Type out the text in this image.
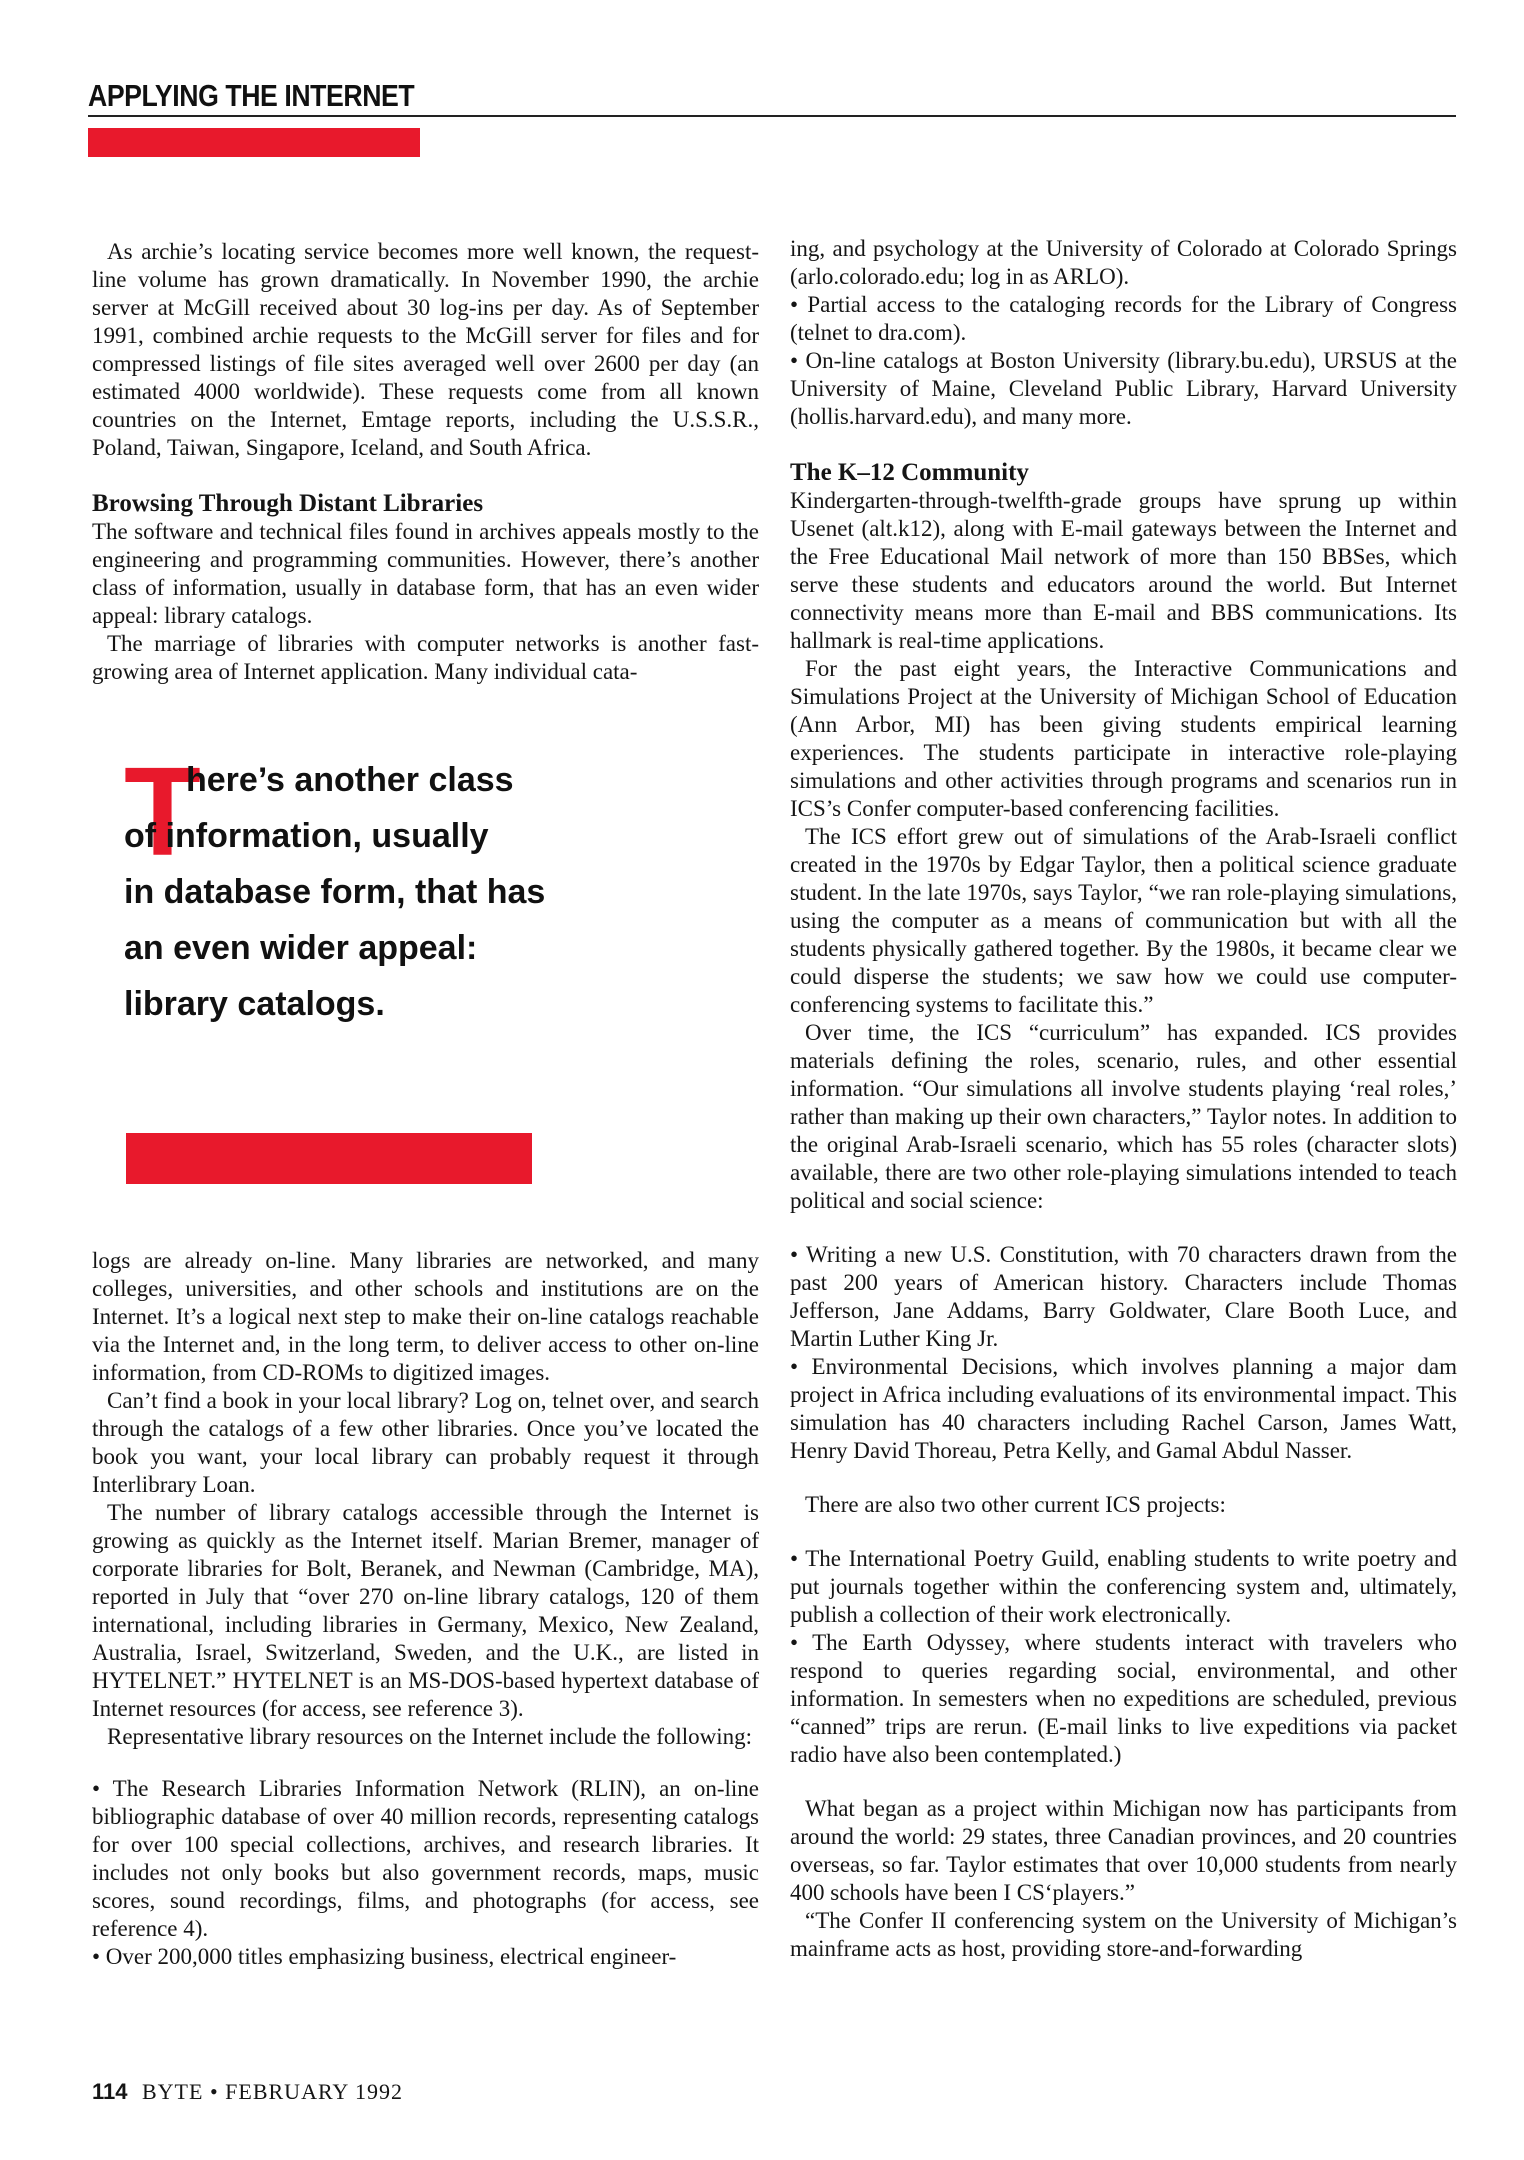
APPLYING THE INTERNET

As archie’s locating service becomes more well known, the request-line volume has grown dramatically. In November 1990, the archie server at McGill received about 30 log-ins per day. As of September 1991, combined archie requests to the McGill server for files and for compressed listings of file sites averaged well over 2600 per day (an estimated 4000 worldwide). These requests come from all known countries on the Internet, Emtage reports, including the U.S.S.R., Poland, Taiwan, Singapore, Iceland, and South Africa.

Browsing Through Distant Libraries

The software and technical files found in archives appeals mostly to the engineering and programming communities. However, there’s another class of information, usually in database form, that has an even wider appeal: library catalogs.

The marriage of libraries with computer networks is another fast-growing area of Internet application. Many individual cata-

T
here’s another class
of information, usually
in database form, that has
an even wider appeal:
library catalogs.

logs are already on-line. Many libraries are networked, and many colleges, universities, and other schools and institutions are on the Internet. It’s a logical next step to make their on-line catalogs reachable via the Internet and, in the long term, to deliver access to other on-line information, from CD-ROMs to digitized images.

Can’t find a book in your local library? Log on, telnet over, and search through the catalogs of a few other libraries. Once you’ve located the book you want, your local library can probably request it through Interlibrary Loan.

The number of library catalogs accessible through the Internet is growing as quickly as the Internet itself. Marian Bremer, manager of corporate libraries for Bolt, Beranek, and Newman (Cambridge, MA), reported in July that “over 270 on-line library catalogs, 120 of them international, including libraries in Germany, Mexico, New Zealand, Australia, Israel, Switzerland, Sweden, and the U.K., are listed in HYTELNET.” HYTELNET is an MS-DOS-based hypertext database of Internet resources (for access, see reference 3).

Representative library resources on the Internet include the following:

• The Research Libraries Information Network (RLIN), an on-line bibliographic database of over 40 million records, representing catalogs for over 100 special collections, archives, and research libraries. It includes not only books but also government records, maps, music scores, sound recordings, films, and photographs (for access, see reference 4).

• Over 200,000 titles emphasizing business, electrical engineer-

ing, and psychology at the University of Colorado at Colorado Springs (arlo.colorado.edu; log in as ARLO).

• Partial access to the cataloging records for the Library of Congress (telnet to dra.com).

• On-line catalogs at Boston University (library.bu.edu), URSUS at the University of Maine, Cleveland Public Library, Harvard University (hollis.harvard.edu), and many more.

The K–12 Community

Kindergarten-through-twelfth-grade groups have sprung up within Usenet (alt.k12), along with E-mail gateways between the Internet and the Free Educational Mail network of more than 150 BBSes, which serve these students and educators around the world. But Internet connectivity means more than E-mail and BBS communications. Its hallmark is real-time applications.

For the past eight years, the Interactive Communications and Simulations Project at the University of Michigan School of Education (Ann Arbor, MI) has been giving students empirical learning experiences. The students participate in interactive role-playing simulations and other activities through programs and scenarios run in ICS’s Confer computer-based conferencing facilities.

The ICS effort grew out of simulations of the Arab-Israeli conflict created in the 1970s by Edgar Taylor, then a political science graduate student. In the late 1970s, says Taylor, “we ran role-playing simulations, using the computer as a means of communication but with all the students physically gathered together. By the 1980s, it became clear we could disperse the students; we saw how we could use computer-conferencing systems to facilitate this.”

Over time, the ICS “curriculum” has expanded. ICS provides materials defining the roles, scenario, rules, and other essential information. “Our simulations all involve students playing ‘real roles,’ rather than making up their own characters,” Taylor notes. In addition to the original Arab-Israeli scenario, which has 55 roles (character slots) available, there are two other role-playing simulations intended to teach political and social science:

• Writing a new U.S. Constitution, with 70 characters drawn from the past 200 years of American history. Characters include Thomas Jefferson, Jane Addams, Barry Goldwater, Clare Booth Luce, and Martin Luther King Jr.

• Environmental Decisions, which involves planning a major dam project in Africa including evaluations of its environmental impact. This simulation has 40 characters including Rachel Carson, James Watt, Henry David Thoreau, Petra Kelly, and Gamal Abdul Nasser.

There are also two other current ICS projects:

• The International Poetry Guild, enabling students to write poetry and put journals together within the conferencing system and, ultimately, publish a collection of their work electronically.

• The Earth Odyssey, where students interact with travelers who respond to queries regarding social, environmental, and other information. In semesters when no expeditions are scheduled, previous “canned” trips are rerun. (E-mail links to live expeditions via packet radio have also been contemplated.)

What began as a project within Michigan now has participants from around the world: 29 states, three Canadian provinces, and 20 countries overseas, so far. Taylor estimates that over 10,000 students from nearly 400 schools have been I CS‘players.”

“The Confer II conferencing system on the University of Michigan’s mainframe acts as host, providing store-and-forwarding

114 BYTE • FEBRUARY 1992
